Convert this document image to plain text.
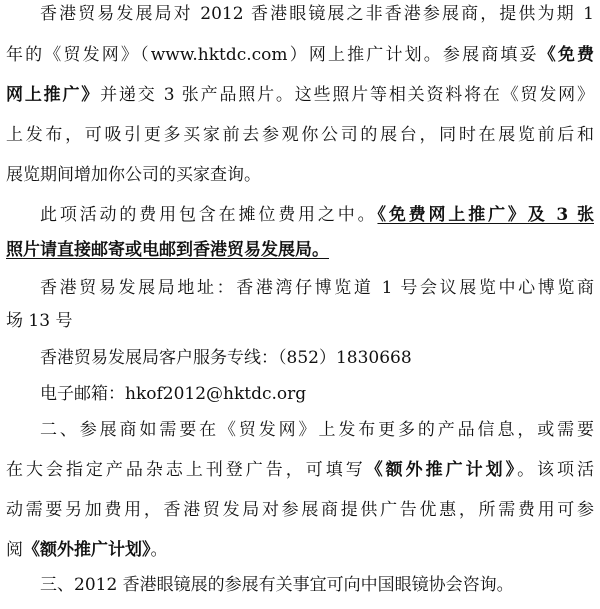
香港贸易发展局对 2012 香港眼镜展之非香港参展商，提供为期 1
年的《贸发网》（www.hktdc.com）网上推广计划。参展商填妥《免费
网上推广》并递交 3 张产品照片。这些照片等相关资料将在《贸发网》
上发布，可吸引更多买家前去参观你公司的展台，同时在展览前后和
展览期间增加你公司的买家查询。
此项活动的费用包含在摊位费用之中。《免费网上推广》及 3 张
照片请直接邮寄或电邮到香港贸易发展局。
香港贸易发展局地址：香港湾仔博览道 1 号会议展览中心博览商
场 13 号
香港贸易发展局客户服务专线：（852）1830668
电子邮箱：hkof2012@hktdc.org
二、参展商如需要在《贸发网》上发布更多的产品信息，或需要
在大会指定产品杂志上刊登广告，可填写《额外推广计划》。该项活
动需要另加费用，香港贸发局对参展商提供广告优惠，所需费用可参
阅《额外推广计划》。
三、2012 香港眼镜展的参展有关事宜可向中国眼镜协会咨询。
